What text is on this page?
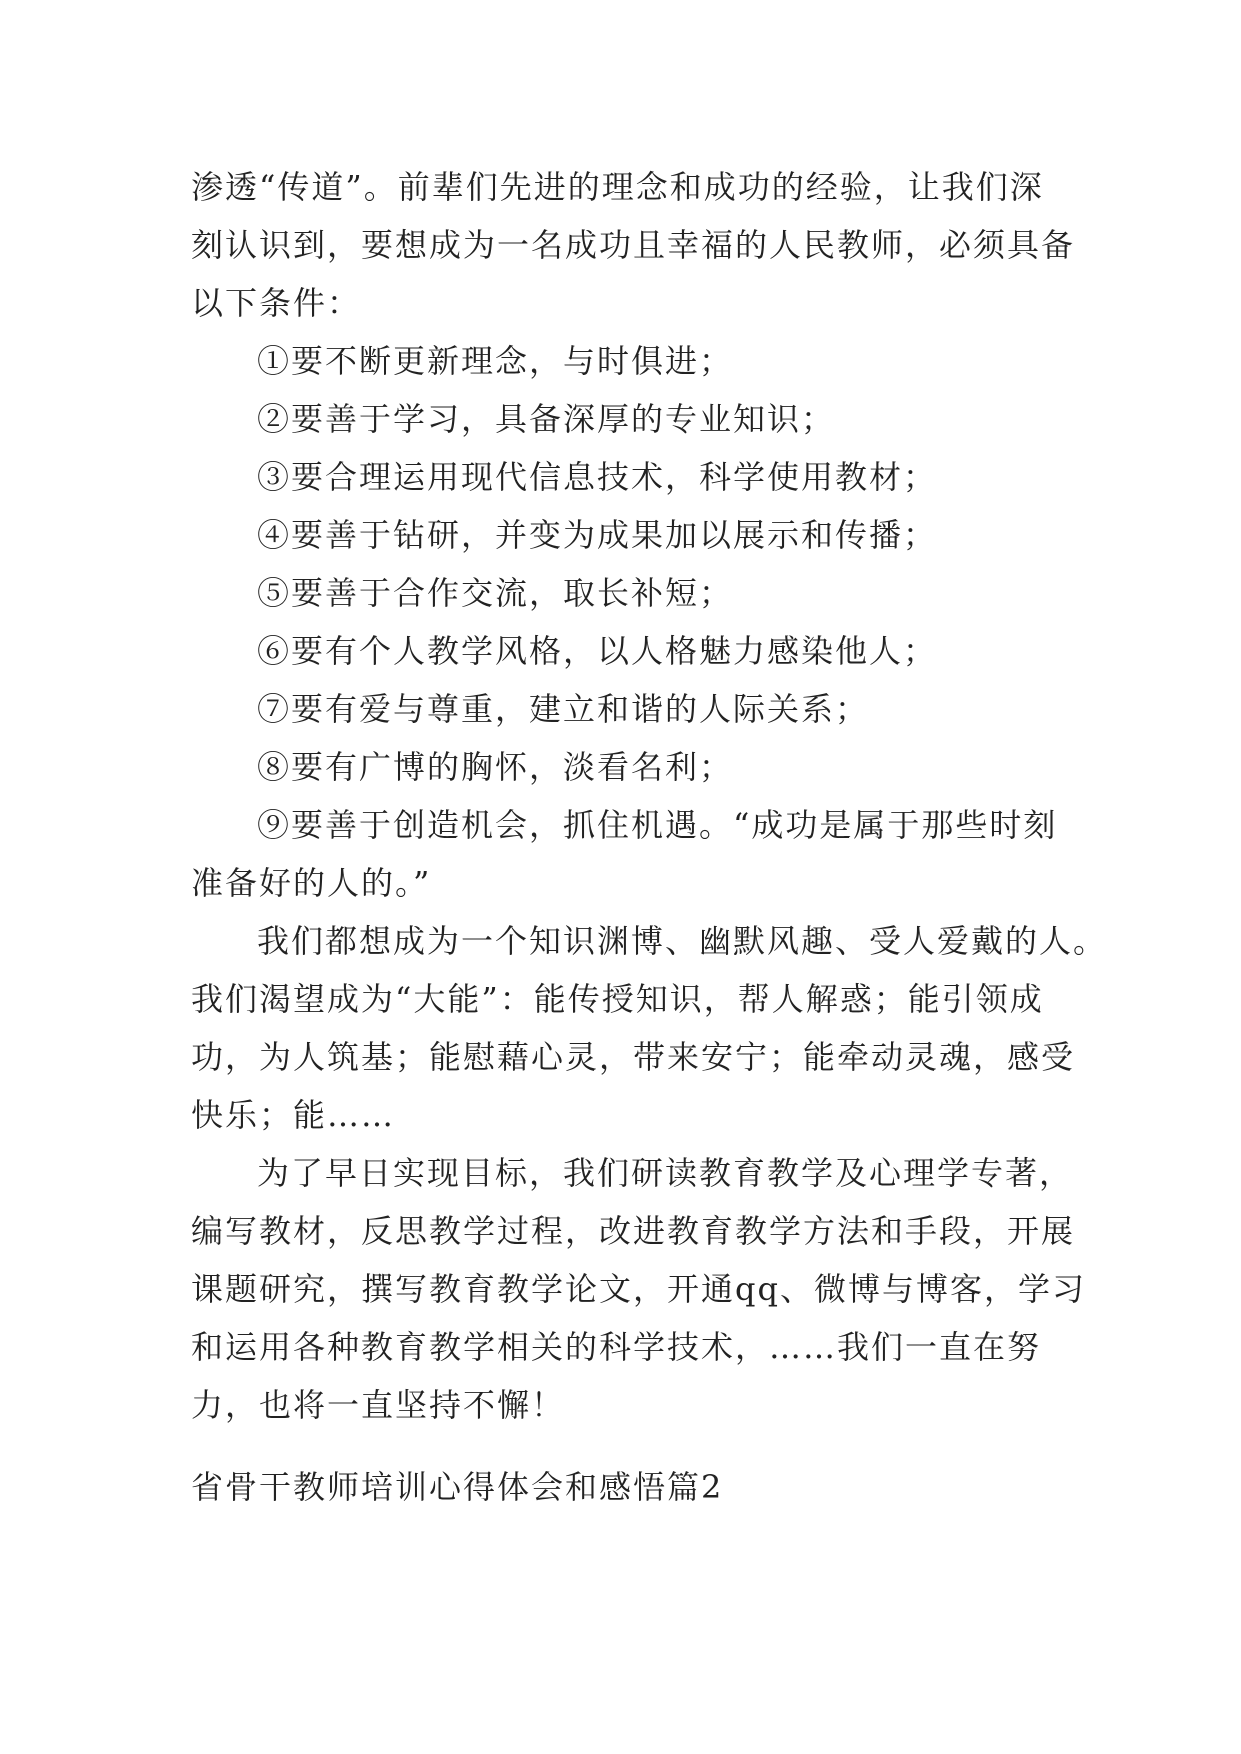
渗透“传道”。前辈们先进的理念和成功的经验，让我们深
刻认识到，要想成为一名成功且幸福的人民教师，必须具备
以下条件：
①要不断更新理念，与时俱进；
②要善于学习，具备深厚的专业知识；
③要合理运用现代信息技术，科学使用教材；
④要善于钻研，并变为成果加以展示和传播；
⑤要善于合作交流，取长补短；
⑥要有个人教学风格，以人格魅力感染他人；
⑦要有爱与尊重，建立和谐的人际关系；
⑧要有广博的胸怀，淡看名利；
⑨要善于创造机会，抓住机遇。“成功是属于那些时刻
准备好的人的。”
我们都想成为一个知识渊博、幽默风趣、受人爱戴的人。
我们渴望成为“大能”：能传授知识，帮人解惑；能引领成
功，为人筑基；能慰藉心灵，带来安宁；能牵动灵魂，感受
快乐；能……
为了早日实现目标，我们研读教育教学及心理学专著，
编写教材，反思教学过程，改进教育教学方法和手段，开展
课题研究，撰写教育教学论文，开通qq、微博与博客，学习
和运用各种教育教学相关的科学技术，……我们一直在努
力，也将一直坚持不懈！
省骨干教师培训心得体会和感悟篇2
